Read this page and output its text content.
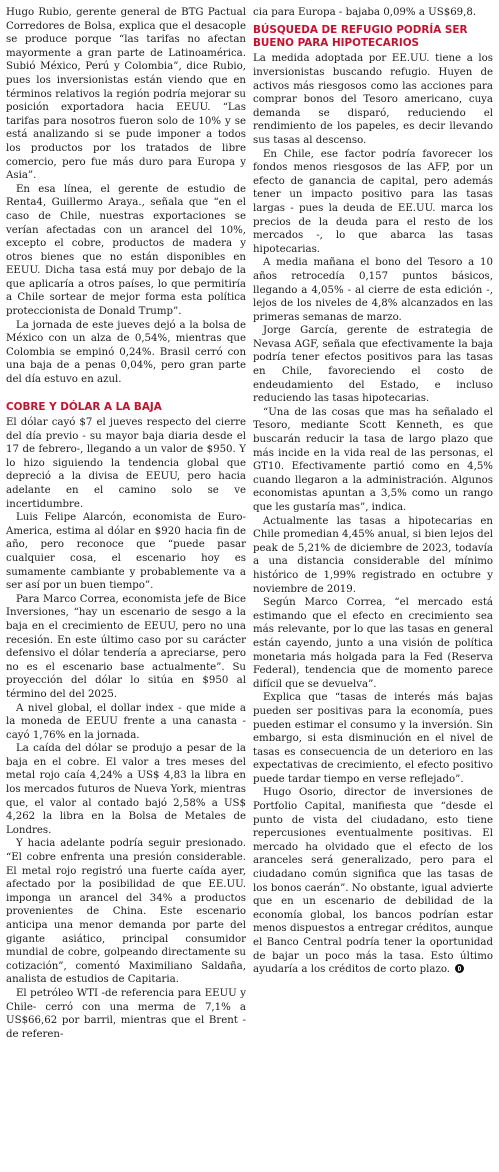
Hugo Rubio, gerente general de BTG Pactual Corredores de Bolsa, explica que el desacople se produce porque “las tarifas no afectan mayormente a gran parte de Latinoamérica. Subió México, Perú y Colombia”, dice Rubio, pues los inversionistas están viendo que en términos relativos la región podría mejorar su posición exportadora hacia EEUU. “Las tarifas para nosotros fueron solo de 10% y se está analizando si se pude imponer a todos los productos por los tratados de libre comercio, pero fue más duro para Europa y Asia”.

En esa línea, el gerente de estudio de Renta4, Guillermo Araya., señala que “en el caso de Chile, nuestras exportaciones se verían afectadas con un arancel del 10%, excepto el cobre, productos de madera y otros bienes que no están disponibles en EEUU. Dicha tasa está muy por debajo de la que aplicaría a otros países, lo que permitiría a Chile sortear de mejor forma esta política proteccionista de Donald Trump”.

La jornada de este jueves dejó a la bolsa de México con un alza de 0,54%, mientras que Colombia se empinó 0,24%. Brasil cerró con una baja de a penas 0,04%, pero gran parte del día estuvo en azul.

COBRE Y DÓLAR A LA BAJA

El dólar cayó $7 el jueves respecto del cierre del día previo - su mayor baja diaria desde el 17 de febrero-, llegando a un valor de $950. Y lo hizo siguiendo la tendencia global que depreció a la divisa de EEUU, pero hacia adelante en el camino solo se ve incertidumbre.

Luis Felipe Alarcón, economista de Euro-America, estima al dólar en $920 hacia fin de año, pero reconoce que “puede pasar cualquier cosa, el escenario hoy es sumamente cambiante y probablemente va a ser así por un buen tiempo”.

Para Marco Correa, economista jefe de Bice Inversiones, “hay un escenario de sesgo a la baja en el crecimiento de EEUU, pero no una recesión. En este último caso por su carácter defensivo el dólar tendería a apreciarse, pero no es el escenario base actualmente”. Su proyección del dólar lo sitúa en $950 al término del del 2025.

A nivel global, el dollar index - que mide a la moneda de EEUU frente a una canasta - cayó 1,76% en la jornada.

La caída del dólar se produjo a pesar de la baja en el cobre. El valor a tres meses del metal rojo caía 4,24% a US$ 4,83 la libra en los mercados futuros de Nueva York, mientras que, el valor al contado bajó 2,58% a US$ 4,262 la libra en la Bolsa de Metales de Londres.

Y hacia adelante podría seguir presionado. “El cobre enfrenta una presión considerable. El metal rojo registró una fuerte caída ayer, afectado por la posibilidad de que EE.UU. imponga un arancel del 34% a productos provenientes de China. Este escenario anticipa una menor demanda por parte del gigante asiático, principal consumidor mundial de cobre, golpeando directamente su cotización”, comentó Maximiliano Saldaña, analista de estudios de Capitaria.

El petróleo WTI -de referencia para EEUU y Chile- cerró con una merma de 7,1% a US$66,62 por barril, mientras que el Brent -de referen-

cia para Europa - bajaba 0,09% a US$69,8.

BÚSQUEDA DE REFUGIO PODRÍA SER BUENO PARA HIPOTECARIOS

La medida adoptada por EE.UU. tiene a los inversionistas buscando refugio. Huyen de activos más riesgosos como las acciones para comprar bonos del Tesoro americano, cuya demanda se disparó, reduciendo el rendimiento de los papeles, es decir llevando sus tasas al descenso.

En Chile, ese factor podría favorecer los fondos menos riesgosos de las AFP, por un efecto de ganancia de capital, pero además tener un impacto positivo para las tasas largas - pues la deuda de EE.UU. marca los precios de la deuda para el resto de los mercados -, lo que abarca las tasas hipotecarias.

A media mañana el bono del Tesoro a 10 años retrocedía 0,157 puntos básicos, llegando a 4,05% - al cierre de esta edición -, lejos de los niveles de 4,8% alcanzados en las primeras semanas de marzo.

Jorge García, gerente de estrategia de Nevasa AGF, señala que efectivamente la baja podría tener efectos positivos para las tasas en Chile, favoreciendo el costo de endeudamiento del Estado, e incluso reduciendo las tasas hipotecarias.

“Una de las cosas que mas ha señalado el Tesoro, mediante Scott Kenneth, es que buscarán reducir la tasa de largo plazo que más incide en la vida real de las personas, el GT10. Efectivamente partió como en 4,5% cuando llegaron a la administración. Algunos economistas apuntan a 3,5% como un rango que les gustaría mas”, indica.

Actualmente las tasas a hipotecarias en Chile promedian 4,45% anual, si bien lejos del peak de 5,21% de diciembre de 2023, todavía a una distancia considerable del mínimo histórico de 1,99% registrado en octubre y noviembre de 2019.

Según Marco Correa, “el mercado está estimando que el efecto en crecimiento sea más relevante, por lo que las tasas en general están cayendo, junto a una visión de política monetaria más holgada para la Fed (Reserva Federal), tendencia que de momento parece difícil que se devuelva”.

Explica que “tasas de interés más bajas pueden ser positivas para la economía, pues pueden estimar el consumo y la inversión. Sin embargo, si esta disminución en el nivel de tasas es consecuencia de un deterioro en las expectativas de crecimiento, el efecto positivo puede tardar tiempo en verse reflejado”.

Hugo Osorio, director de inversiones de Portfolio Capital, manifiesta que “desde el punto de vista del ciudadano, esto tiene repercusiones eventualmente positivas. El mercado ha olvidado que el efecto de los aranceles será generalizado, pero para el ciudadano común significa que las tasas de los bonos caerán”. No obstante, igual advierte que en un escenario de debilidad de la economía global, los bancos podrían estar menos dispuestos a entregar créditos, aunque el Banco Central podría tener la oportunidad de bajar un poco más la tasa. Esto último ayudaría a los créditos de corto plazo.
